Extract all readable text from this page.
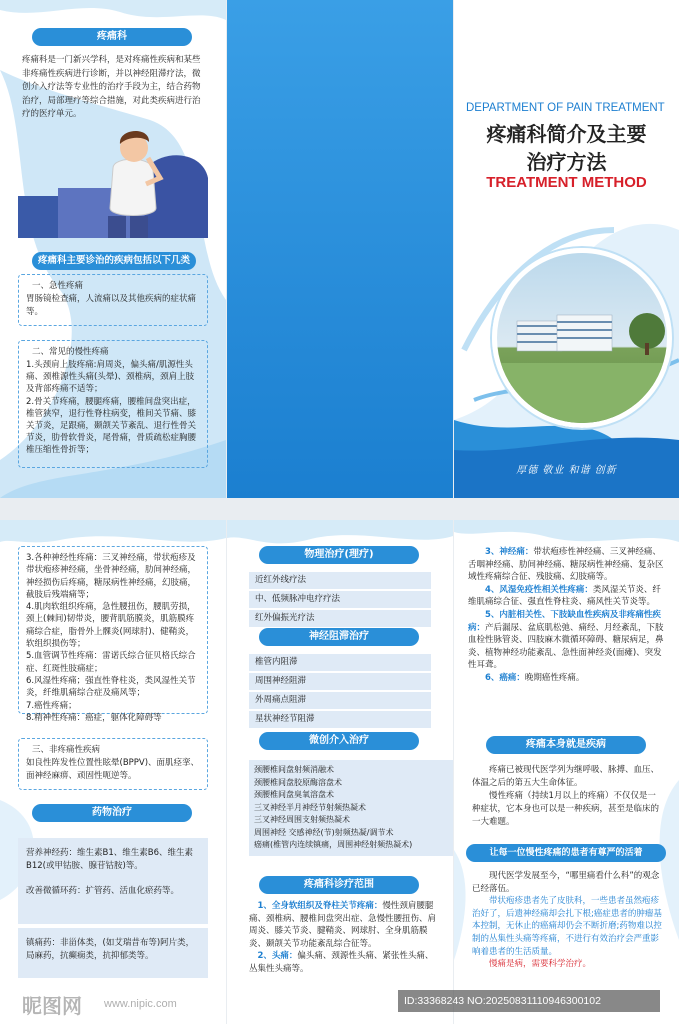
疼痛科
疼痛科是一门新兴学科，是对疼痛性疾病和某些非疼痛性疾病进行诊断，并以神经阻滞疗法，微创介入疗法等专业性的治疗手段为主，结合药物治疗，局部理疗等综合措施，对此类疾病进行治疗的医疗单元。
疼痛科主要诊治的疾病包括以下几类
一、急性疼痛
胃肠镜检查痛，人流痛以及其他疾病的症状痛等。
二、常见的慢性疼痛
1.头颈肩上肢疼痛:肩周炎，偏头痛/肌源性头痛、颈椎源性头痛(头晕)、颈椎病，颈肩上肢及背部疼痛不适等；
2.骨关节疼痛，腰腿疼痛，腰椎间盘突出症，椎管狭窄，退行性脊柱病变，椎间关节痛、膝关节炎，足跟痛，颞颌关节紊乱、退行性骨关节炎，肋骨软骨炎，尾骨痛，骨质疏松症胸腰椎压缩性骨折等；
DEPARTMENT OF PAIN TREATMENT
疼痛科简介及主要
治疗方法
TREATMENT METHOD
厚德 敬业 和谐 创新
3.各种神经性疼痛：三叉神经痛，带状疱疹及带状疱疹神经痛，坐骨神经痛，肋间神经痛，神经损伤后疼痛，糖尿病性神经痛，幻肢痛，截肢后残端痛等；
4.肌肉软组织疼痛，急性腰扭伤，腰肌劳损，颈上(棘间)韧带炎，腰背肌筋膜炎，肌筋膜疼痛综合症，脂骨外上髁炎(网球肘)、健鞘炎，软组织损伤等；
5.血管调节性疼痛：雷诺氏综合征贝格氏综合症、红斑性肢痛症；
6.风湿性疼痛；强直性脊柱炎，类风湿性关节炎，纤维肌痛综合症及痛风等；
7.癌性疼痛；
8.精神性疼痛：癌症，躯体化障碍等
三、非疼痛性疾病
如良性阵发性位置性眩晕(BPPV)、面肌痉挛、面神经麻痹、顽固性呃逆等。
药物治疗
营养神经药：维生素B1、维生素B6、维生素B12(或甲钴胺、腺苷钴胺)等。
改善微循环药：扩管药、活血化瘀药等。
镇痛药：非甾体类，(如艾瑞昔布等)阿片类，局麻药，抗癫痫类，抗抑郁类等。
物理治疗(理疗)
近红外线疗法
中、低频脉冲电疗疗法
红外偏振光疗法
神经阻滞治疗
椎管内阻滞
周围神经阻滞
外周痛点阻滞
星状神经节阻滞
微创介入治疗
颈腰椎间盘射频消融术
颈腰椎间盘胶原酶溶盘术
颈腰椎间盘臭氧溶盘术
三叉神经半月神经节射频热凝术
三叉神经周围支射频热凝术
周围神经 交感神经(节)射频热凝/调节术
癌痛(椎管内连续镇痛，周围神经射频热凝术)
疼痛科诊疗范围
1、全身软组织及脊柱关节疼痛：慢性颈肩腰腿痛、颈椎病、腰椎间盘突出症、急慢性腰扭伤、肩周炎、膝关节炎、腱鞘炎、网球肘、全身肌筋膜炎、颞颌关节功能紊乱综合征等。
2、头痛：偏头痛、颈源性头痛、紧张性头痛、丛集性头痛等。
3、神经痛：带状疱疹性神经痛、三叉神经痛、舌咽神经痛、肋间神经痛、糖尿病性神经痛、复杂区域性疼痛综合征、残肢痛、幻肢痛等。
4、风湿免疫性相关性疼痛：类风湿关节炎、纤维肌痛综合征、强直性脊柱炎、痛风性关节炎等。
5、内脏相关性、下肢缺血性疾病及非疼痛性疾病：产后漏尿、盆底肌松弛、痛经、月经紊乱，下肢血栓性脉管炎、四肢麻木微循环障碍、糖尿病足，鼻炎、植物神经功能紊乱、急性面神经炎(面瘫)、突发性耳聋。
6、癌痛：晚期癌性疼痛。
疼痛本身就是疾病
疼痛已被现代医学列为继呼吸、脉搏、血压、体温之后的第五大生命体征。
慢性疼痛（持续1月以上的疼痛）不仅仅是一种症状，它本身也可以是一种疾病，甚至是临床的一大难题。
让每一位慢性疼痛的患者有尊严的活着
现代医学发展至今，“哪里痛看什么科”的观念已经落伍。
带状疱疹患者先了皮肤科，一些患者虽然疱疹治好了，后遗神经痛却会扎下根;癌症患者的肿瘤基本控制，无休止的癌痛却仍会不断折磨;药物难以控制的丛集性头痛等疼痛，不进行有效治疗会严重影响着患者的生活质量。
慢痛是病，需要科学治疗。
昵图网 www.nipic.com	ID:33368243 NO:20250831110946300102
